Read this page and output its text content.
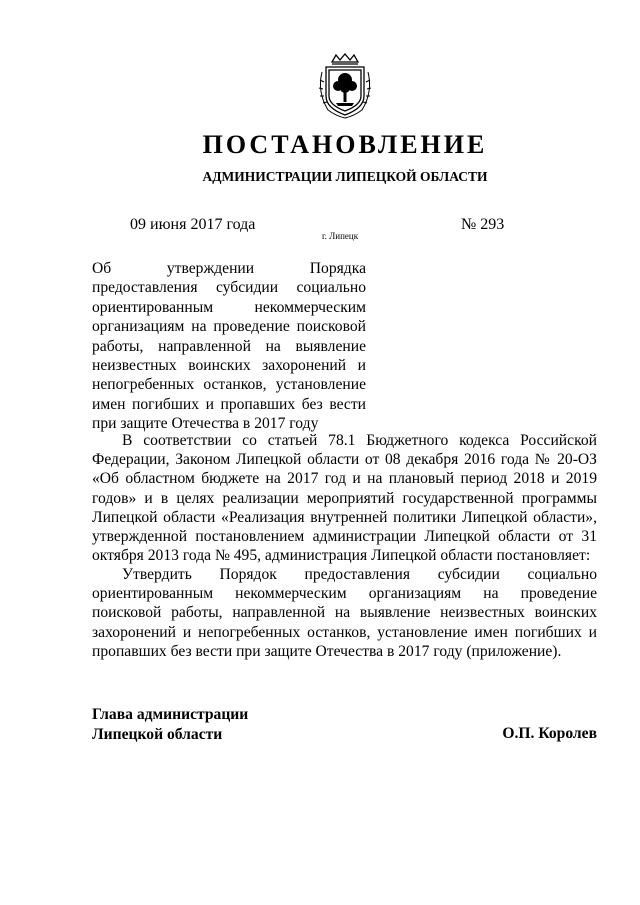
ПОСТАНОВЛЕНИЕ
АДМИНИСТРАЦИИ ЛИПЕЦКОЙ ОБЛАСТИ
09 июня 2017 года
г. Липецк
№ 293
Об утверждении Порядка предоставления субсидии социально ориентированным некоммерческим организациям на проведение поисковой работы, направленной на выявление неизвестных воинских захоронений и непогребенных останков, установление имен погибших и пропавших без вести при защите Отечества в 2017 году
В соответствии со статьей 78.1 Бюджетного кодекса Российской Федерации, Законом Липецкой области от 08 декабря 2016 года № 20-ОЗ «Об областном бюджете на 2017 год и на плановый период 2018 и 2019 годов» и в целях реализации мероприятий государственной программы Липецкой области «Реализация внутренней политики Липецкой области», утвержденной постановлением администрации Липецкой области от 31 октября 2013 года № 495, администрация Липецкой области постановляет:
Утвердить Порядок предоставления субсидии социально ориентированным некоммерческим организациям на проведение поисковой работы, направленной на выявление неизвестных воинских захоронений и непогребенных останков, установление имен погибших и пропавших без вести при защите Отечества в 2017 году (приложение).
Глава администрации
Липецкой области	О.П. Королев
